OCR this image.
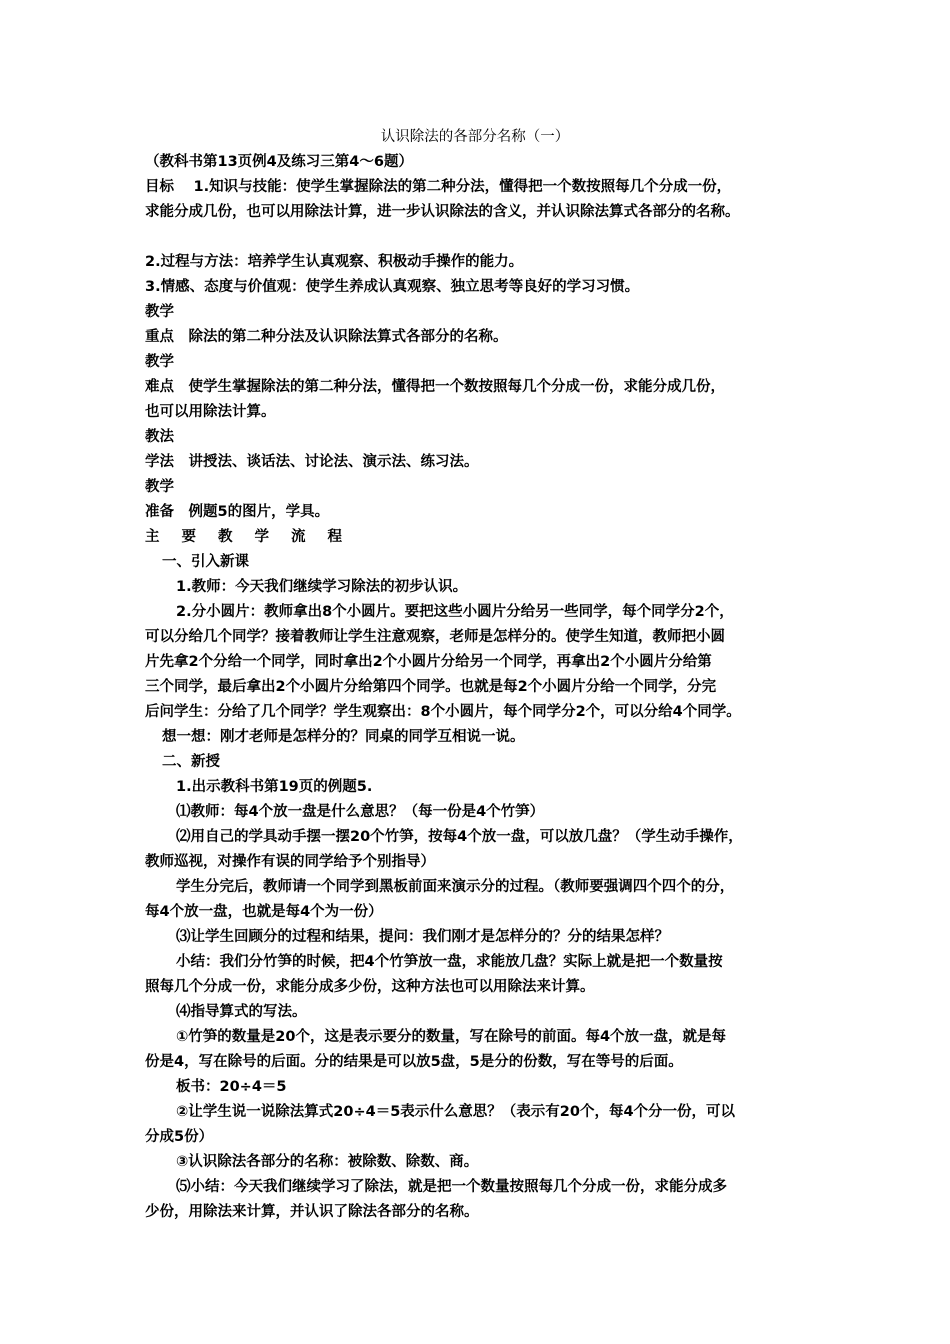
认识除法的各部分名称（一）
（教科书第13页例4及练习三第4～6题）
目标　 1.知识与技能：使学生掌握除法的第二种分法，懂得把一个数按照每几个分成一份，
求能分成几份，也可以用除法计算，进一步认识除法的含义，并认识除法算式各部分的名称。
2.过程与方法：培养学生认真观察、积极动手操作的能力。
3.情感、态度与价值观：使学生养成认真观察、独立思考等良好的学习习惯。
教学
重点　除法的第二种分法及认识除法算式各部分的名称。
教学
难点　使学生掌握除法的第二种分法，懂得把一个数按照每几个分成一份，求能分成几份，
也可以用除法计算。
教法
学法　讲授法、谈话法、讨论法、演示法、练习法。
教学
准备　例题5的图片，学具。
主要教学流程
一、引入新课
1.教师：今天我们继续学习除法的初步认识。
2.分小圆片：教师拿出8个小圆片。要把这些小圆片分给另一些同学，每个同学分2个，
可以分给几个同学？接着教师让学生注意观察，老师是怎样分的。使学生知道，教师把小圆
片先拿2个分给一个同学，同时拿出2个小圆片分给另一个同学，再拿出2个小圆片分给第
三个同学，最后拿出2个小圆片分给第四个同学。也就是每2个小圆片分给一个同学，分完
后问学生：分给了几个同学？学生观察出：8个小圆片，每个同学分2个，可以分给4个同学。
想一想：刚才老师是怎样分的？同桌的同学互相说一说。
二、新授
1.出示教科书第19页的例题5.
⑴教师：每4个放一盘是什么意思？（每一份是4个竹笋）
⑵用自己的学具动手摆一摆20个竹笋，按每4个放一盘，可以放几盘？（学生动手操作，
教师巡视，对操作有误的同学给予个别指导）
学生分完后，教师请一个同学到黑板前面来演示分的过程。（教师要强调四个四个的分，
每4个放一盘，也就是每4个为一份）
⑶让学生回顾分的过程和结果，提问：我们刚才是怎样分的？分的结果怎样？
小结：我们分竹笋的时候，把4个竹笋放一盘，求能放几盘？实际上就是把一个数量按
照每几个分成一份，求能分成多少份，这种方法也可以用除法来计算。
⑷指导算式的写法。
①竹笋的数量是20个，这是表示要分的数量，写在除号的前面。每4个放一盘，就是每
份是4，写在除号的后面。分的结果是可以放5盘，5是分的份数，写在等号的后面。
板书：20÷4＝5
②让学生说一说除法算式20÷4＝5表示什么意思？（表示有20个，每4个分一份，可以
分成5份）
③认识除法各部分的名称：被除数、除数、商。
⑸小结：今天我们继续学习了除法，就是把一个数量按照每几个分成一份，求能分成多
少份，用除法来计算，并认识了除法各部分的名称。
